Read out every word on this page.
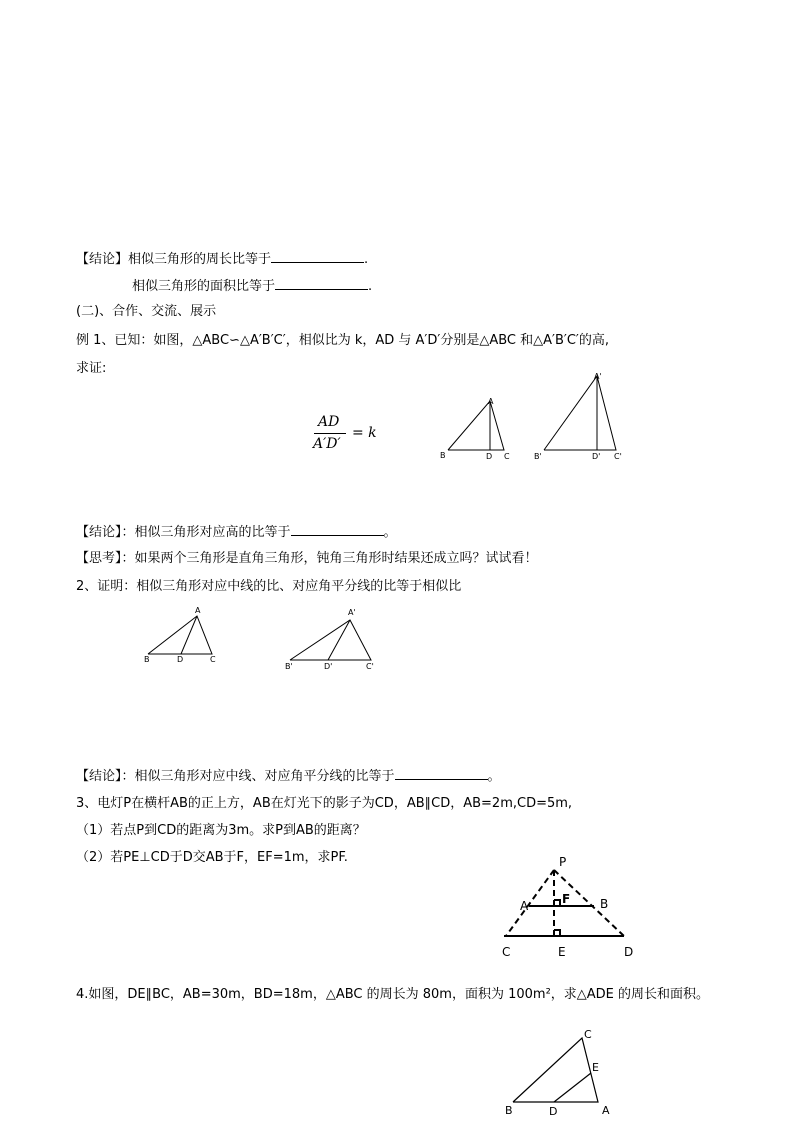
【结论】相似三角形的周长比等于	.
相似三角形的面积比等于	.
(二)、合作、交流、展示
例 1、已知：如图，△ABC∽△A′B′C′，相似比为 k，AD 与 A′D′分别是△ABC 和△A′B′C′的高,
求证:
AD
A′D′
= k
A
B	D C
A'
B'	D' C'
【结论】：相似三角形对应高的比等于	。
【思考】：如果两个三角形是直角三角形，钝角三角形时结果还成立吗？试试看！
2、证明：相似三角形对应中线的比、对应角平分线的比等于相似比
A
B	D	C
A'
B'	D'	C'
【结论】：相似三角形对应中线、对应角平分线的比等于	。
3、电灯P在横杆AB的正上方，AB在灯光下的影子为CD，AB∥CD，AB=2m,CD=5m,
（1）若点P到CD的距离为3m。求P到AB的距离？
（2）若PE⊥CD于D交AB于F，EF=1m，求PF.	P
A	F B
C	E	D
4.如图，DE∥BC，AB=30m，BD=18m，△ABC 的周长为 80m，面积为 100m²，求△ADE 的周长和面积。
C
E
B	D	A
